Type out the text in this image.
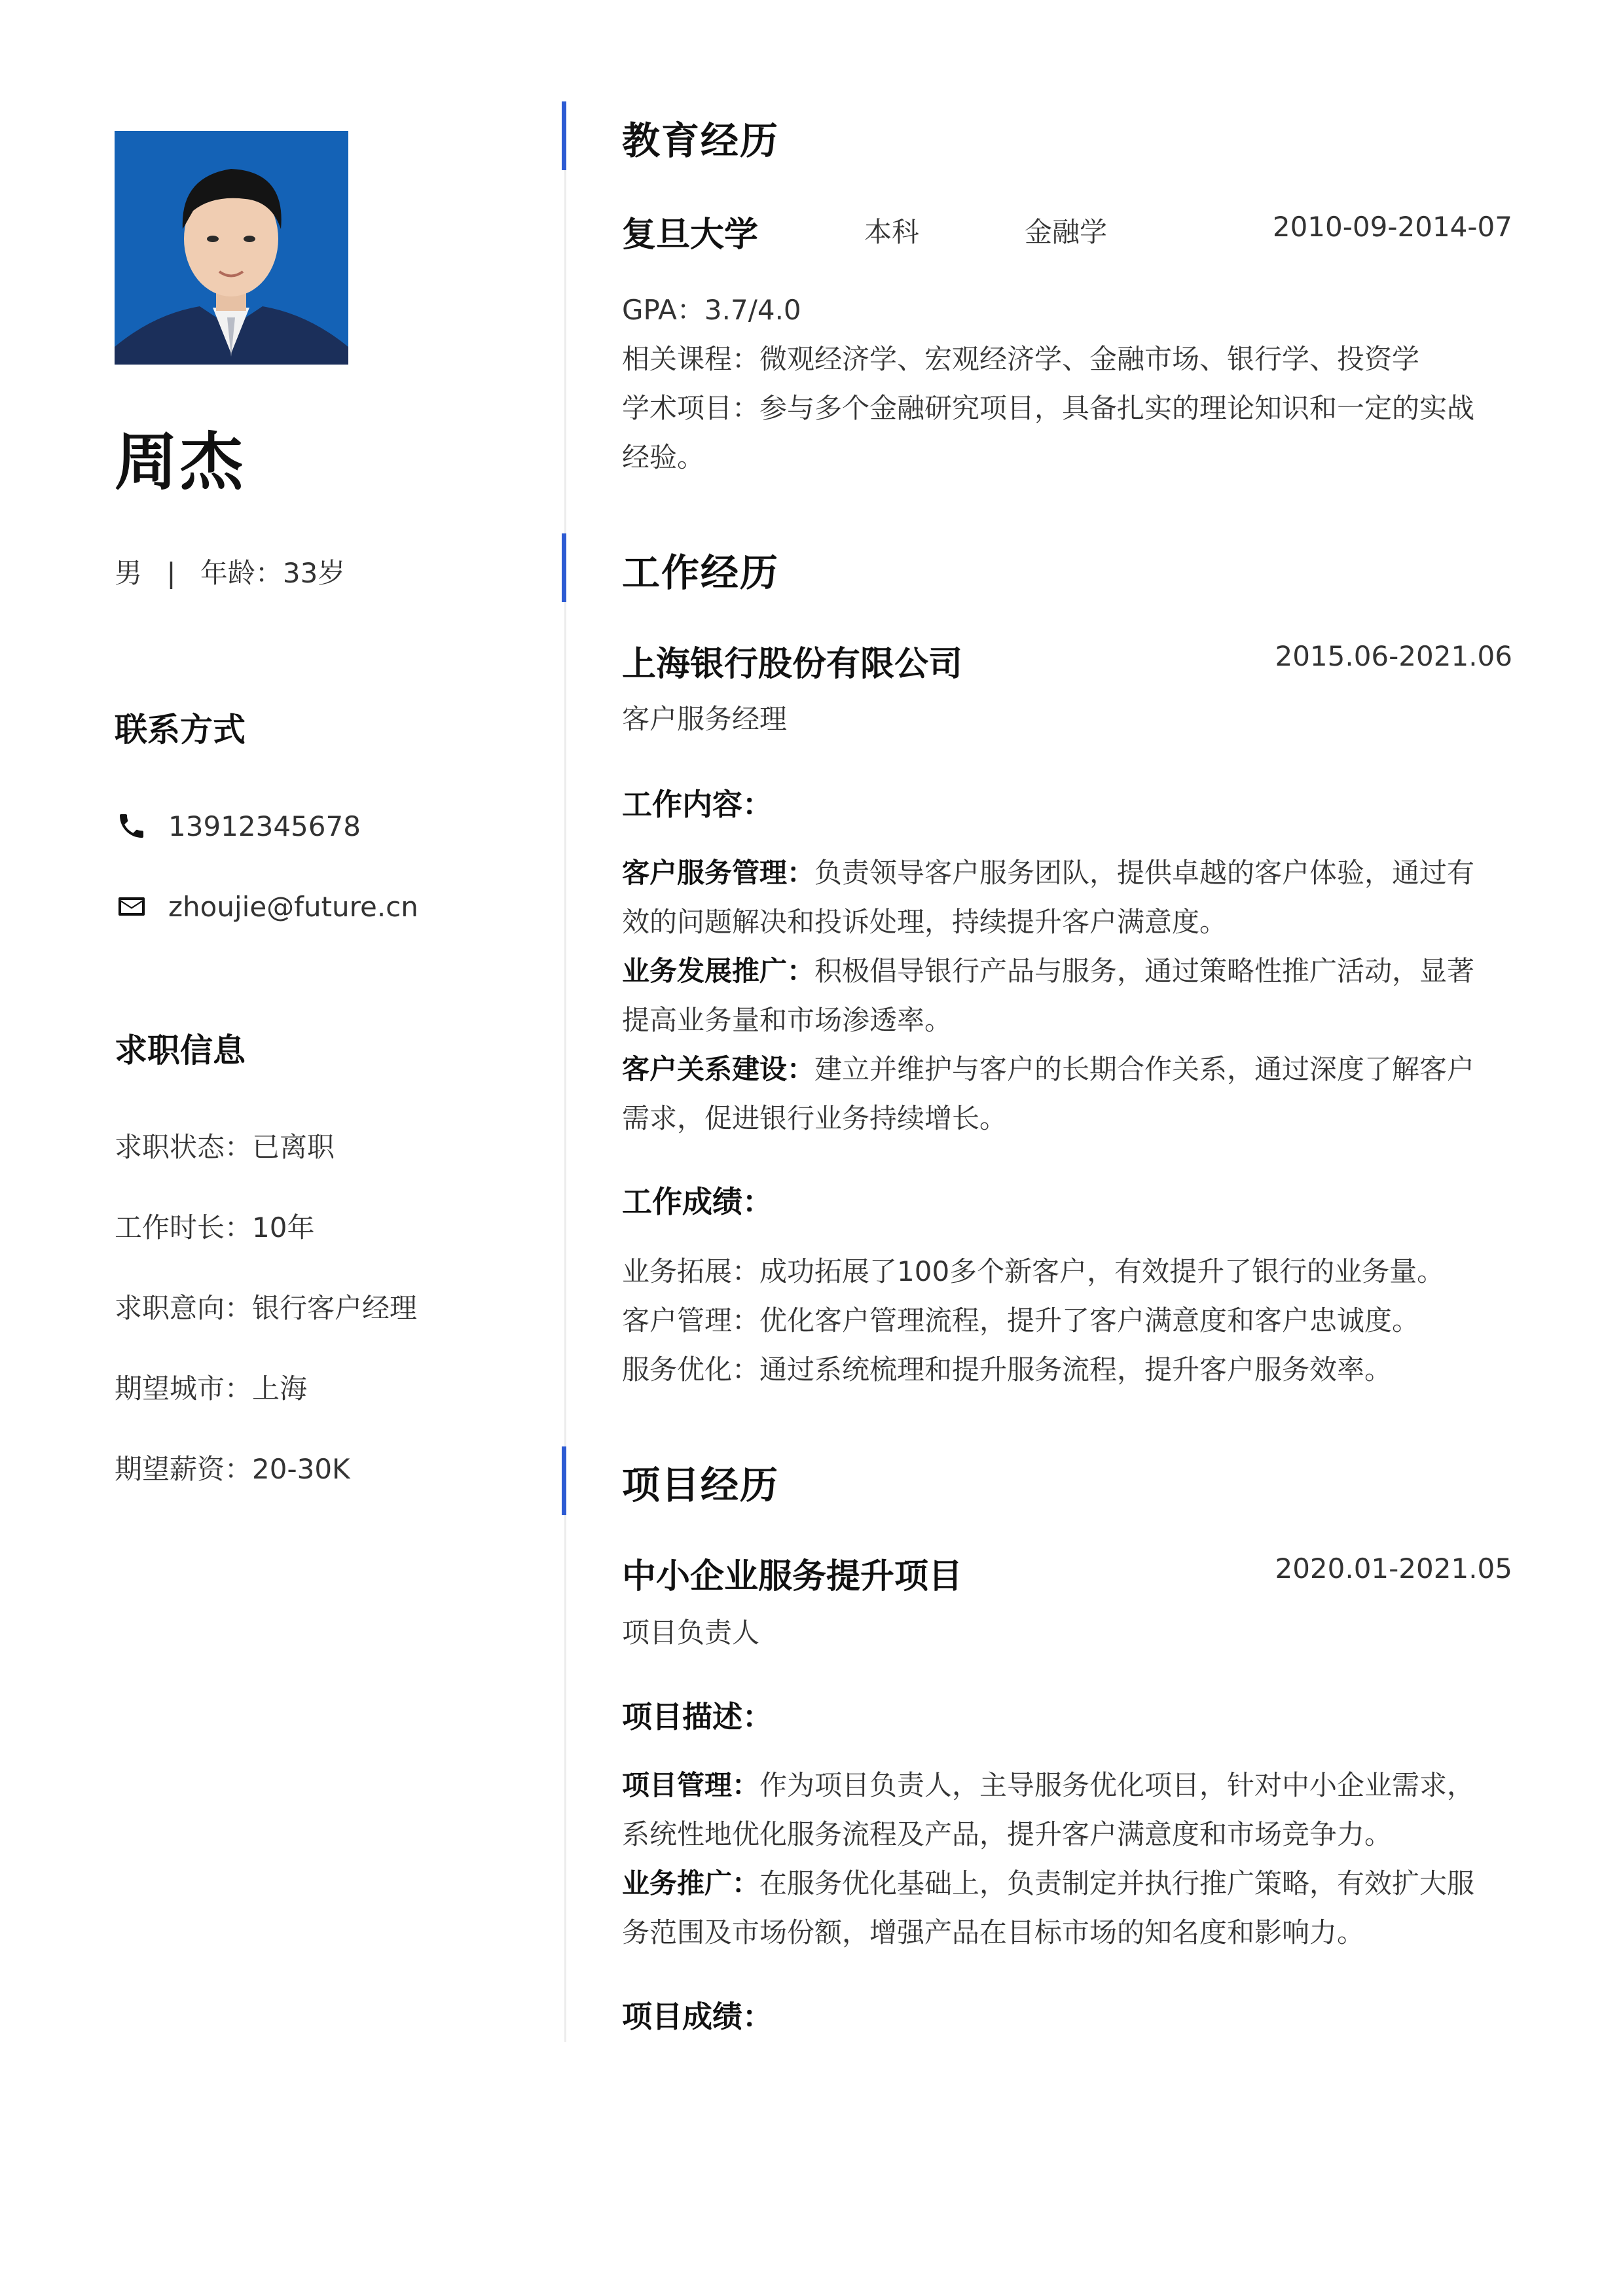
周杰
男 | 年龄：33岁
联系方式
13912345678
zhoujie@future.cn
求职信息
求职状态：已离职
工作时长：10年
求职意向：银行客户经理
期望城市：上海
期望薪资：20-30K
教育经历
复旦大学	本科	金融学	2010-09-2014-07

GPA：3.7/4.0

相关课程：微观经济学、宏观经济学、金融市场、银行学、投资学

学术项目：参与多个金融研究项目，具备扎实的理论知识和一定的实战

经验。

工作经历
上海银行股份有限公司	2015.06-2021.06
客户服务经理
工作内容：

客户服务管理：负责领导客户服务团队，提供卓越的客户体验，通过有

效的问题解决和投诉处理，持续提升客户满意度。

业务发展推广：积极倡导银行产品与服务，通过策略性推广活动，显著

提高业务量和市场渗透率。

客户关系建设：建立并维护与客户的长期合作关系，通过深度了解客户

需求，促进银行业务持续增长。

工作成绩：

业务拓展：成功拓展了100多个新客户，有效提升了银行的业务量。

客户管理：优化客户管理流程，提升了客户满意度和客户忠诚度。

服务优化：通过系统梳理和提升服务流程，提升客户服务效率。

项目经历
中小企业服务提升项目	2020.01-2021.05
项目负责人
项目描述：

项目管理：作为项目负责人，主导服务优化项目，针对中小企业需求，

系统性地优化服务流程及产品，提升客户满意度和市场竞争力。

业务推广：在服务优化基础上，负责制定并执行推广策略，有效扩大服

务范围及市场份额，增强产品在目标市场的知名度和影响力。

项目成绩：
